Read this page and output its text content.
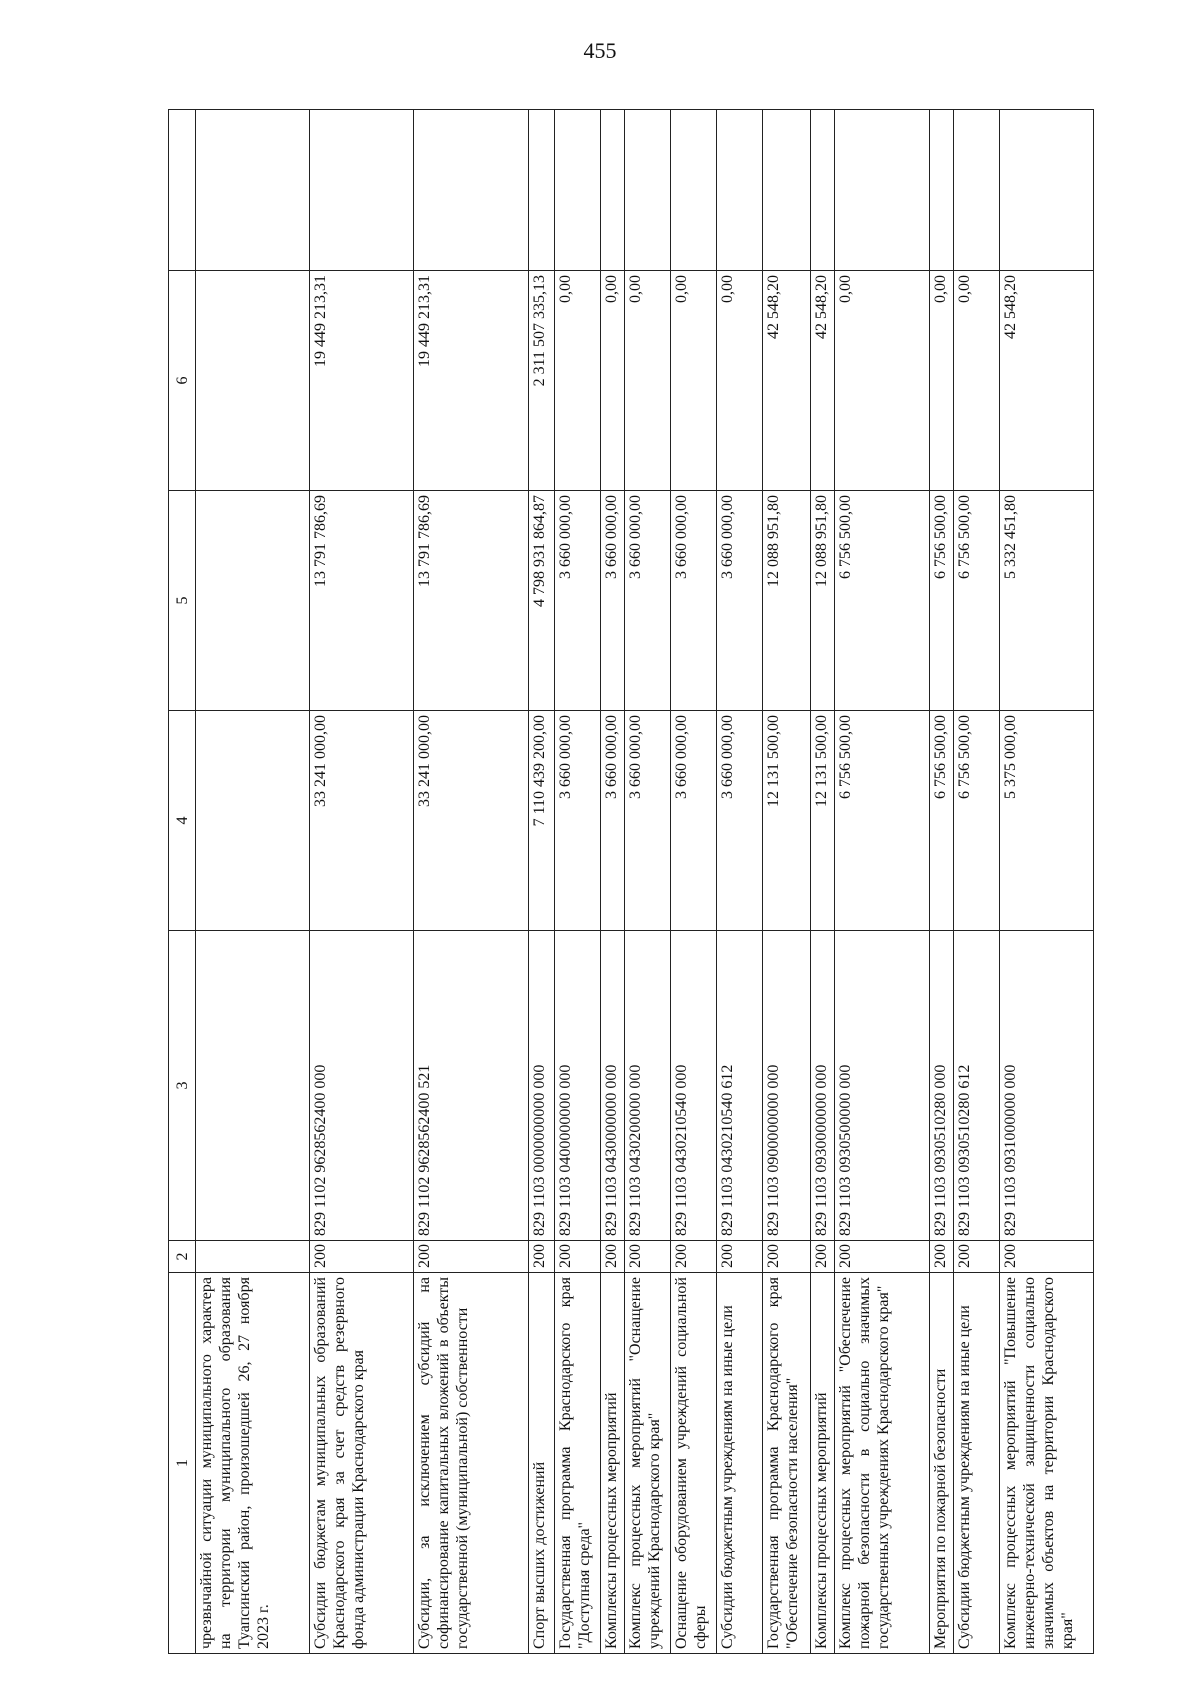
455
1	2	3	4	5	6	
чрезвычайной ситуации муниципального характера на территории муниципального образования Туапсинский район, произошедшей 26, 27 ноября 2023 г.						
Субсидии бюджетам муниципальных образований Краснодарского края за счет средств резервного фонда администрации Краснодарского края	200	829 1102 9628562400 000	33 241 000,00	13 791 786,69	19 449 213,31	
Субсидии, за исключением субсидий на софинансирование капитальных вложений в объекты государственной (муниципальной) собственности	200	829 1102 9628562400 521	33 241 000,00	13 791 786,69	19 449 213,31	
Спорт высших достижений	200	829 1103 0000000000 000	7 110 439 200,00	4 798 931 864,87	2 311 507 335,13	
Государственная программа Краснодарского края "Доступная среда"	200	829 1103 0400000000 000	3 660 000,00	3 660 000,00	0,00	
Комплексы процессных мероприятий	200	829 1103 0430000000 000	3 660 000,00	3 660 000,00	0,00	
Комплекс процессных мероприятий "Оснащение учреждений Краснодарского края"	200	829 1103 0430200000 000	3 660 000,00	3 660 000,00	0,00	
Оснащение оборудованием учреждений социальной сферы	200	829 1103 0430210540 000	3 660 000,00	3 660 000,00	0,00	
Субсидии бюджетным учреждениям на иные цели	200	829 1103 0430210540 612	3 660 000,00	3 660 000,00	0,00	
Государственная программа Краснодарского края "Обеспечение безопасности населения"	200	829 1103 0900000000 000	12 131 500,00	12 088 951,80	42 548,20	
Комплексы процессных мероприятий	200	829 1103 0930000000 000	12 131 500,00	12 088 951,80	42 548,20	
Комплекс процессных мероприятий "Обеспечение пожарной безопасности в социально значимых государственных учреждениях Краснодарского края"	200	829 1103 0930500000 000	6 756 500,00	6 756 500,00	0,00	
Мероприятия по пожарной безопасности	200	829 1103 0930510280 000	6 756 500,00	6 756 500,00	0,00	
Субсидии бюджетным учреждениям на иные цели	200	829 1103 0930510280 612	6 756 500,00	6 756 500,00	0,00	
Комплекс процессных мероприятий "Повышение инженерно-технической защищенности социально значимых объектов на территории Краснодарского края"	200	829 1103 0931000000 000	5 375 000,00	5 332 451,80	42 548,20	
